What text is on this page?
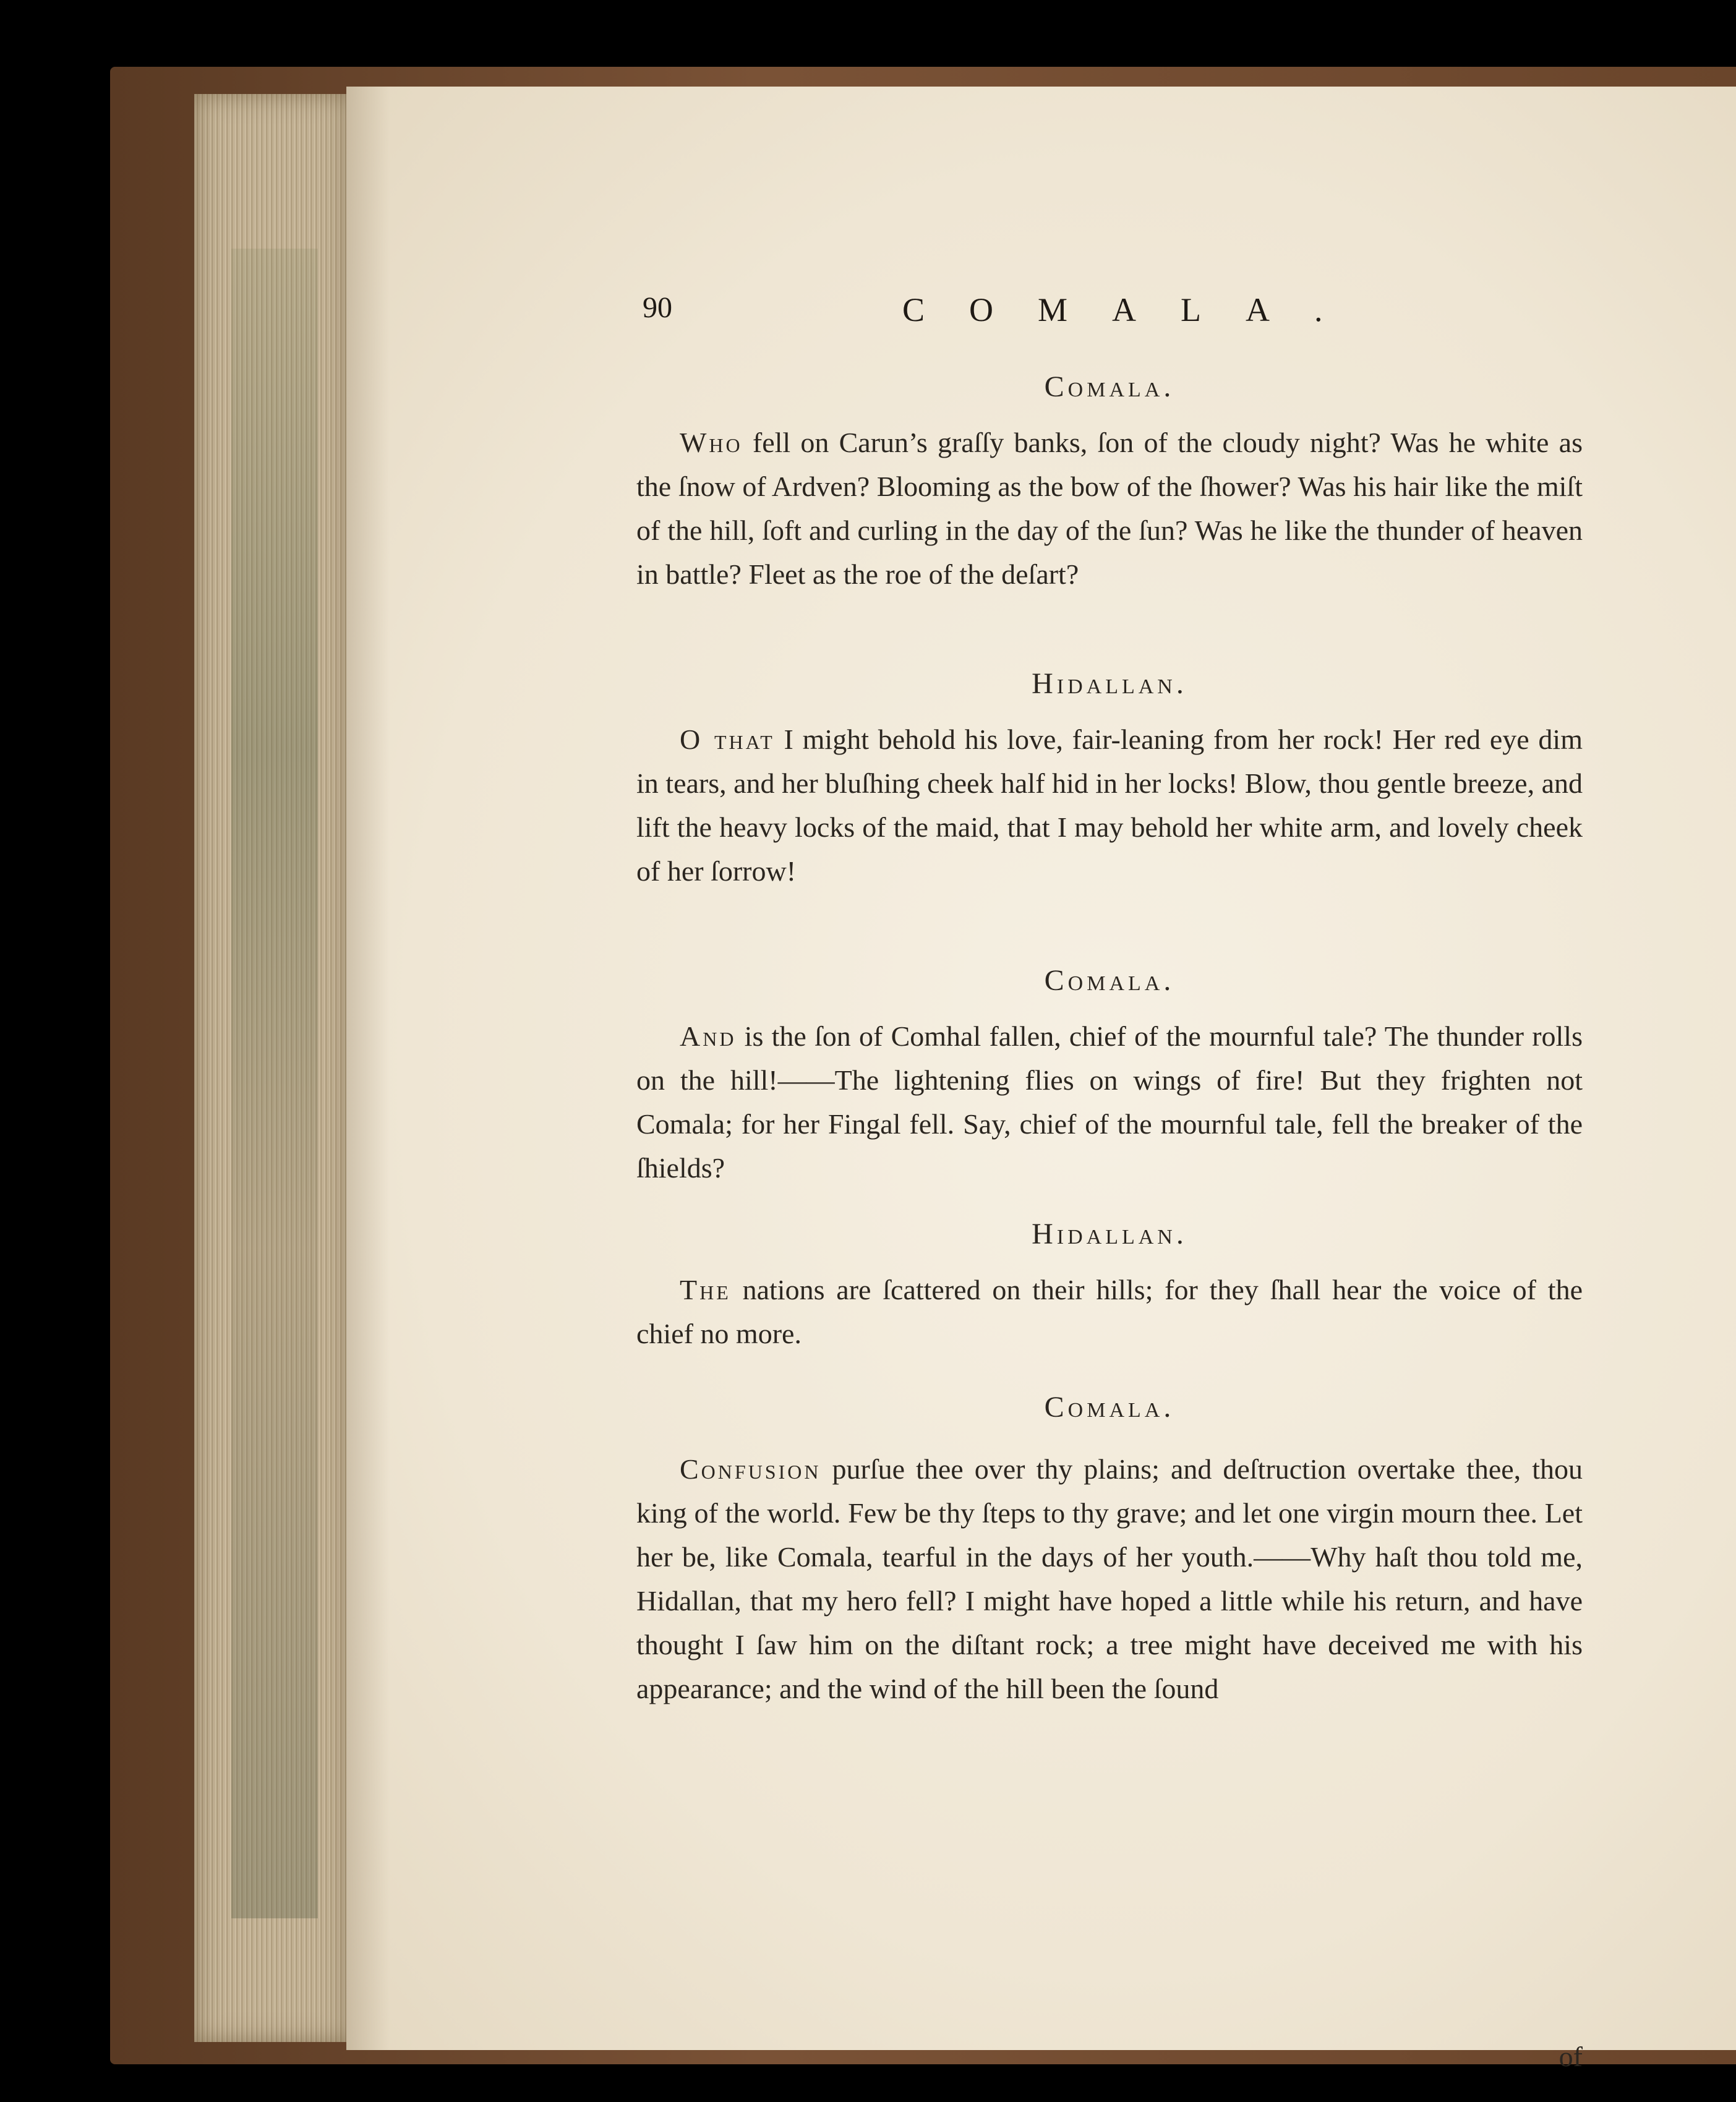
90	COMALA.

Comala.

Who fell on Carun’s graſſy banks, ſon of the cloudy night? Was he white as the ſnow of Ardven? Blooming as the bow of the ſhower? Was his hair like the miſt of the hill, ſoft and curling in the day of the ſun? Was he like the thunder of heaven in battle? Fleet as the roe of the deſart?

Hidallan.

O that I might behold his love, fair-leaning from her rock! Her red eye dim in tears, and her bluſhing cheek half hid in her locks! Blow, thou gentle breeze, and lift the heavy locks of the maid, that I may behold her white arm, and lovely cheek of her ſorrow!

Comala.

And is the ſon of Comhal fallen, chief of the mournful tale? The thunder rolls on the hill!——The lightening flies on wings of fire! But they frighten not Comala; for her Fingal fell. Say, chief of the mournful tale, fell the breaker of the ſhields?

Hidallan.

The nations are ſcattered on their hills; for they ſhall hear the voice of the chief no more.

Comala.

Confusion purſue thee over thy plains; and deſtruction overtake thee, thou king of the world. Few be thy ſteps to thy grave; and let one virgin mourn thee. Let her be, like Comala, tearful in the days of her youth.——Why haſt thou told me, Hidallan, that my hero fell? I might have hoped a little while his return, and have thought I ſaw him on the diſtant rock; a tree might have deceived me with his appearance; and the wind of the hill been the ſound

of
